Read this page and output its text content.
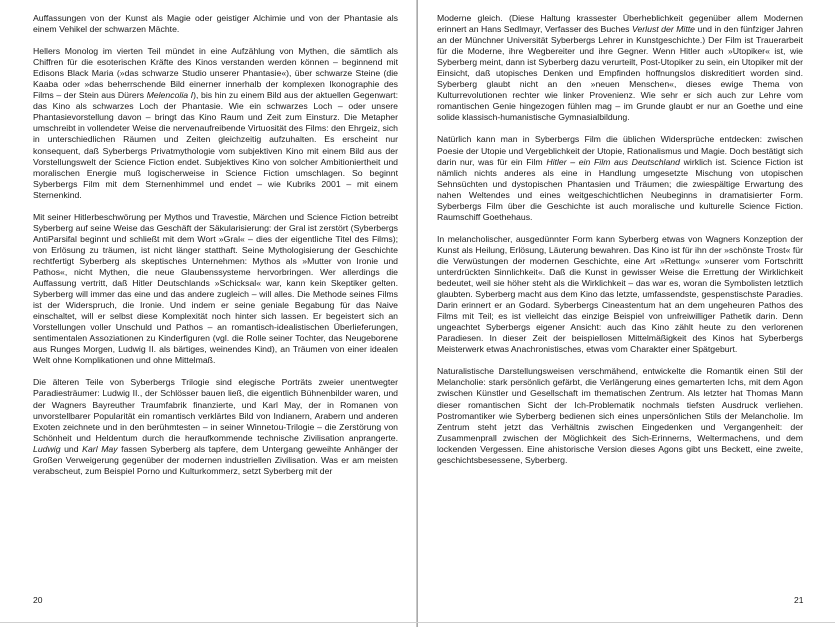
Auffassungen von der Kunst als Magie oder geistiger Alchimie und von der Phantasie als einem Vehikel der schwarzen Mächte.

Hellers Monolog im vierten Teil mündet in eine Aufzählung von Mythen, die sämtlich als Chiffren für die esoterischen Kräfte des Kinos verstanden werden können – beginnend mit Edisons Black Maria (»das schwarze Studio unserer Phantasie«), über schwarze Steine (die Kaaba oder »das beherrschende Bild einerner innerhalb der komplexen Ikonographie des Films – der Stein aus Dürers Melencolia I), bis hin zu einem Bild aus der aktuellen Gegenwart: das Kino als schwarzes Loch der Phantasie. Wie ein schwarzes Loch – oder unsere Phantasievorstellung davon – bringt das Kino Raum und Zeit zum Einsturz. Die Metapher umschreibt in vollendeter Weise die nervenaufreibende Virtuosität des Films: den Ehrgeiz, sich in unterschiedlichen Räumen und Zeiten gleichzeitig aufzuhalten. Es erscheint nur konsequent, daß Syberbergs Privatmythologie vom subjektiven Kino mit einem Bild aus der Vorstellungswelt der Science Fiction endet. Subjektives Kino von solcher Ambitioniertheit und moralischen Energie muß logischerweise in Science Fiction umschlagen. So beginnt Syberbergs Film mit dem Sternenhimmel und endet – wie Kubriks 2001 – mit einem Sternenkind.

Mit seiner Hitlerbeschwörung per Mythos und Travestie, Märchen und Science Fiction betreibt Syberberg auf seine Weise das Geschäft der Säkularisierung: der Gral ist zerstört (Syberbergs AntiParsifal beginnt und schließt mit dem Wort »Gral« – dies der eigentliche Titel des Films); von Erlösung zu träumen, ist nicht länger statthaft. Seine Mythologisierung der Geschichte rechtfertigt Syberberg als skeptisches Unternehmen: Mythos als »Mutter von Ironie und Pathos«, nicht Mythen, die neue Glaubenssysteme hervorbringen. Wer allerdings die Auffassung vertritt, daß Hitler Deutschlands »Schicksal« war, kann kein Skeptiker gelten. Syberberg will immer das eine und das andere zugleich – will alles. Die Methode seines Films ist der Widerspruch, die Ironie. Und indem er seine geniale Begabung für das Naive einschaltet, will er selbst diese Komplexität noch hinter sich lassen. Er begeistert sich an Vorstellungen voller Unschuld und Pathos – an romantisch-idealistischen Überlieferungen, sentimentalen Assoziationen zu Kinderfiguren (vgl. die Rolle seiner Tochter, das Neugeborene aus Runges Morgen, Ludwig II. als bärtiges, weinendes Kind), an Träumen von einer idealen Welt ohne Komplikationen und ohne Mittelmaß.

Die älteren Teile von Syberbergs Trilogie sind elegische Porträts zweier unentwegter Paradiesträumer: Ludwig II., der Schlösser bauen ließ, die eigentlich Bühnenbilder waren, und der Wagners Bayreuther Traumfabrik finanzierte, und Karl May, der in Romanen von unvorstellbarer Popularität ein romantisch verklärtes Bild von Indianern, Arabern und anderen Exoten zeichnete und in den berühmtesten – in seiner Winnetou-Trilogie – die Zerstörung von Schönheit und Heldentum durch die heraufkommende technische Zivilisation anprangerte. Ludwig und Karl May fassen Syberberg als tapfere, dem Untergang geweihte Anhänger der Großen Verweigerung gegenüber der modernen industriellen Zivilisation. Was er am meisten verabscheut, zum Beispiel Porno und Kulturkommerz, setzt Syberberg mit der

20

Moderne gleich. (Diese Haltung krassester Überheblichkeit gegenüber allem Modernen erinnert an Hans Sedlmayr, Verfasser des Buches Verlust der Mitte und in den fünfziger Jahren an der Münchner Universität Syberbergs Lehrer in Kunstgeschichte.) Der Film ist Trauerarbeit für die Moderne, ihre Wegbereiter und ihre Gegner. Wenn Hitler auch »Utopiker« ist, wie Syberberg meint, dann ist Syberberg dazu verurteilt, Post-Utopiker zu sein, ein Utopiker mit der Einsicht, daß utopisches Denken und Empfinden hoffnungslos diskreditiert worden sind. Syberberg glaubt nicht an den »neuen Menschen«, dieses ewige Thema von Kulturrevolutionen rechter wie linker Provenienz. Wie sehr er sich auch zur Lehre vom romantischen Genie hingezogen fühlen mag – im Grunde glaubt er nur an Goethe und eine solide klassisch-humanistische Gymnasialbildung.

Natürlich kann man in Syberbergs Film die üblichen Widersprüche entdecken: zwischen Poesie der Utopie und Vergeblichkeit der Utopie, Rationalismus und Magie. Doch bestätigt sich darin nur, was für ein Film Hitler – ein Film aus Deutschland wirklich ist. Science Fiction ist nämlich nichts anderes als eine in Handlung umgesetzte Mischung von utopischen Sehnsüchten und dystopischen Phantasien und Träumen; die zwiespältige Erwartung des nahen Weltendes und eines weitgeschichtlichen Neubeginns in dramatisierter Form. Syberbergs Film über die Geschichte ist auch moralische und kulturelle Science Fiction. Raumschiff Goethehaus.

In melancholischer, ausgedünnter Form kann Syberberg etwas von Wagners Konzeption der Kunst als Heilung, Erlösung, Läuterung bewahren. Das Kino ist für ihn der »schönste Trost« für die Verwüstungen der modernen Geschichte, eine Art »Rettung« »unserer vom Fortschritt unterdrückten Sinnlichkeit«. Daß die Kunst in gewisser Weise die Errettung der Wirklichkeit bedeutet, weil sie höher steht als die Wirklichkeit – das war es, woran die Symbolisten letztlich glaubten. Syberberg macht aus dem Kino das letzte, umfassendste, gespenstischste Paradies. Darin erinnert er an Godard. Syberbergs Cineastentum hat an dem ungeheuren Pathos des Films mit Teil; es ist vielleicht das einzige Beispiel von unfreiwilliger Pathetik darin. Denn ungeachtet Syberbergs eigener Ansicht: auch das Kino zählt heute zu den verlorenen Paradiesen. In dieser Zeit der beispiellosen Mittelmäßigkeit des Kinos hat Syberbergs Meisterwerk etwas Anachronistisches, etwas vom Charakter einer Spätgeburt.

Naturalistische Darstellungsweisen verschmähend, entwickelte die Romantik einen Stil der Melancholie: stark persönlich gefärbt, die Verlängerung eines gemarterten Ichs, mit dem Agon zwischen Künstler und Gesellschaft im thematischen Zentrum. Als letzter hat Thomas Mann dieser romantischen Sicht der Ich-Problematik nochmals tiefsten Ausdruck verliehen. Postromantiker wie Syberberg bedienen sich eines unpersönlichen Stils der Melancholie. Im Zentrum steht jetzt das Verhältnis zwischen Eingedenken und Vergangenheit: der Zusammenprall zwischen der Möglichkeit des Sich-Erinnerns, Weltermachens, und dem lockenden Vergessen. Eine ahistorische Version dieses Agons gibt uns Beckett, eine zweite, geschichtsbesessene, Syberberg.

21
